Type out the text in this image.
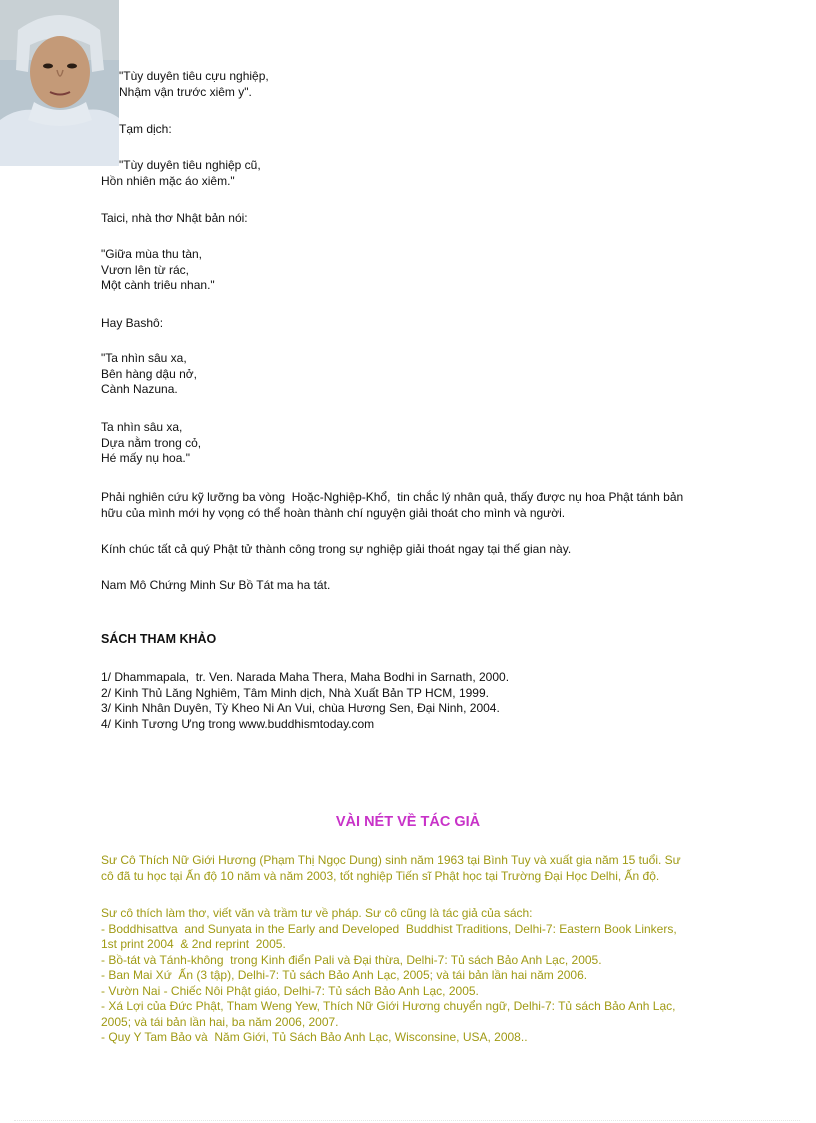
"Tùy duyên tiêu cựu nghiệp,
Nhậm vận trước xiêm y".
Tạm dịch:
"Tùy duyên tiêu nghiệp cũ,
Hồn nhiên mặc áo xiêm."
Taici, nhà thơ Nhật bản nói:
"Giữa mùa thu tàn,
Vươn lên từ rác,
Một cành triêu nhan."
Hay Bashô:
"Ta nhìn sâu xa,
Bên hàng dậu nở,
Cành Nazuna.
Ta nhìn sâu xa,
Dựa nằm trong cỏ,
Hé mấy nụ hoa."
Phải nghiên cứu kỹ lưỡng ba vòng  Hoặc-Nghiệp-Khổ,  tin chắc lý nhân quả, thấy được nụ hoa Phật tánh bản
hữu của mình mới hy vọng có thể hoàn thành chí nguyện giải thoát cho mình và người.
Kính chúc tất cả quý Phật tử thành công trong sự nghiệp giải thoát ngay tại thế gian này.
Nam Mô Chứng Minh Sư Bồ Tát ma ha tát.
SÁCH THAM KHẢO
1/ Dhammapala,  tr. Ven. Narada Maha Thera, Maha Bodhi in Sarnath, 2000.
2/ Kinh Thủ Lăng Nghiêm, Tâm Minh dịch, Nhà Xuất Bản TP HCM, 1999.
3/ Kinh Nhân Duyên, Tỳ Kheo Ni An Vui, chùa Hương Sen, Đại Ninh, 2004.
4/ Kinh Tương Ưng trong www.buddhismtoday.com
VÀI NÉT VỀ TÁC GIẢ
Sư Cô Thích Nữ Giới Hương (Phạm Thị Ngọc Dung) sinh năm 1963 tại Bình Tuy và xuất gia năm 15 tuổi. Sư
cô đã tu học tại Ấn độ 10 năm và năm 2003, tốt nghiệp Tiến sĩ Phật học tại Trường Đại Học Delhi, Ấn độ.
Sư cô thích làm thơ, viết văn và trầm tư về pháp. Sư cô cũng là tác giả của sách:
- Boddhisattva  and Sunyata in the Early and Developed  Buddhist Traditions, Delhi-7: Eastern Book Linkers,
1st print 2004  & 2nd reprint  2005.
- Bồ-tát và Tánh-không  trong Kinh điển Pali và Đại thừa, Delhi-7: Tủ sách Bảo Anh Lạc, 2005.
- Ban Mai Xứ  Ấn (3 tập), Delhi-7: Tủ sách Bảo Anh Lạc, 2005; và tái bản lần hai năm 2006.
- Vườn Nai - Chiếc Nôi Phật giáo, Delhi-7: Tủ sách Bảo Anh Lạc, 2005.
- Xá Lợi của Đức Phật, Tham Weng Yew, Thích Nữ Giới Hương chuyển ngữ, Delhi-7: Tủ sách Bảo Anh Lạc,
2005; và tái bản lần hai, ba năm 2006, 2007.
- Quy Y Tam Bảo và  Năm Giới, Tủ Sách Bảo Anh Lạc, Wisconsine, USA, 2008..
